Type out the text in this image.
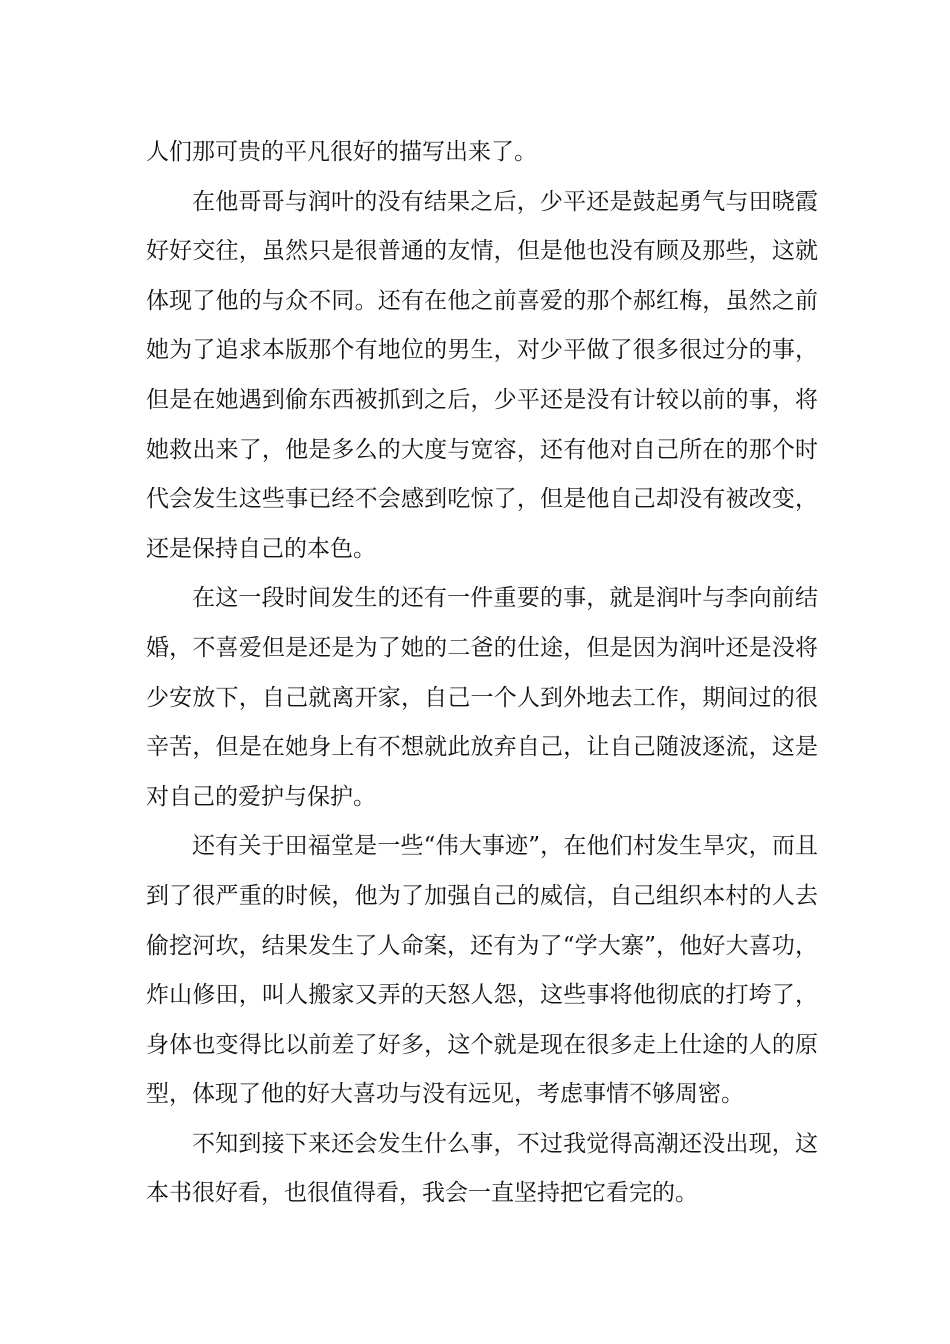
人们那可贵的平凡很好的描写出来了。

在他哥哥与润叶的没有结果之后，少平还是鼓起勇气与田晓霞好好交往，虽然只是很普通的友情，但是他也没有顾及那些，这就体现了他的与众不同。还有在他之前喜爱的那个郝红梅，虽然之前她为了追求本版那个有地位的男生，对少平做了很多很过分的事，但是在她遇到偷东西被抓到之后，少平还是没有计较以前的事，将她救出来了，他是多么的大度与宽容，还有他对自己所在的那个时代会发生这些事已经不会感到吃惊了，但是他自己却没有被改变，还是保持自己的本色。

在这一段时间发生的还有一件重要的事，就是润叶与李向前结婚，不喜爱但是还是为了她的二爸的仕途，但是因为润叶还是没将少安放下，自己就离开家，自己一个人到外地去工作，期间过的很辛苦，但是在她身上有不想就此放弃自己，让自己随波逐流，这是对自己的爱护与保护。

还有关于田福堂是一些“伟大事迹”，在他们村发生旱灾，而且到了很严重的时候，他为了加强自己的威信，自己组织本村的人去偷挖河坎，结果发生了人命案，还有为了“学大寨”，他好大喜功，炸山修田，叫人搬家又弄的天怒人怨，这些事将他彻底的打垮了，身体也变得比以前差了好多，这个就是现在很多走上仕途的人的原型，体现了他的好大喜功与没有远见，考虑事情不够周密。

不知到接下来还会发生什么事，不过我觉得高潮还没出现，这本书很好看，也很值得看，我会一直坚持把它看完的。
